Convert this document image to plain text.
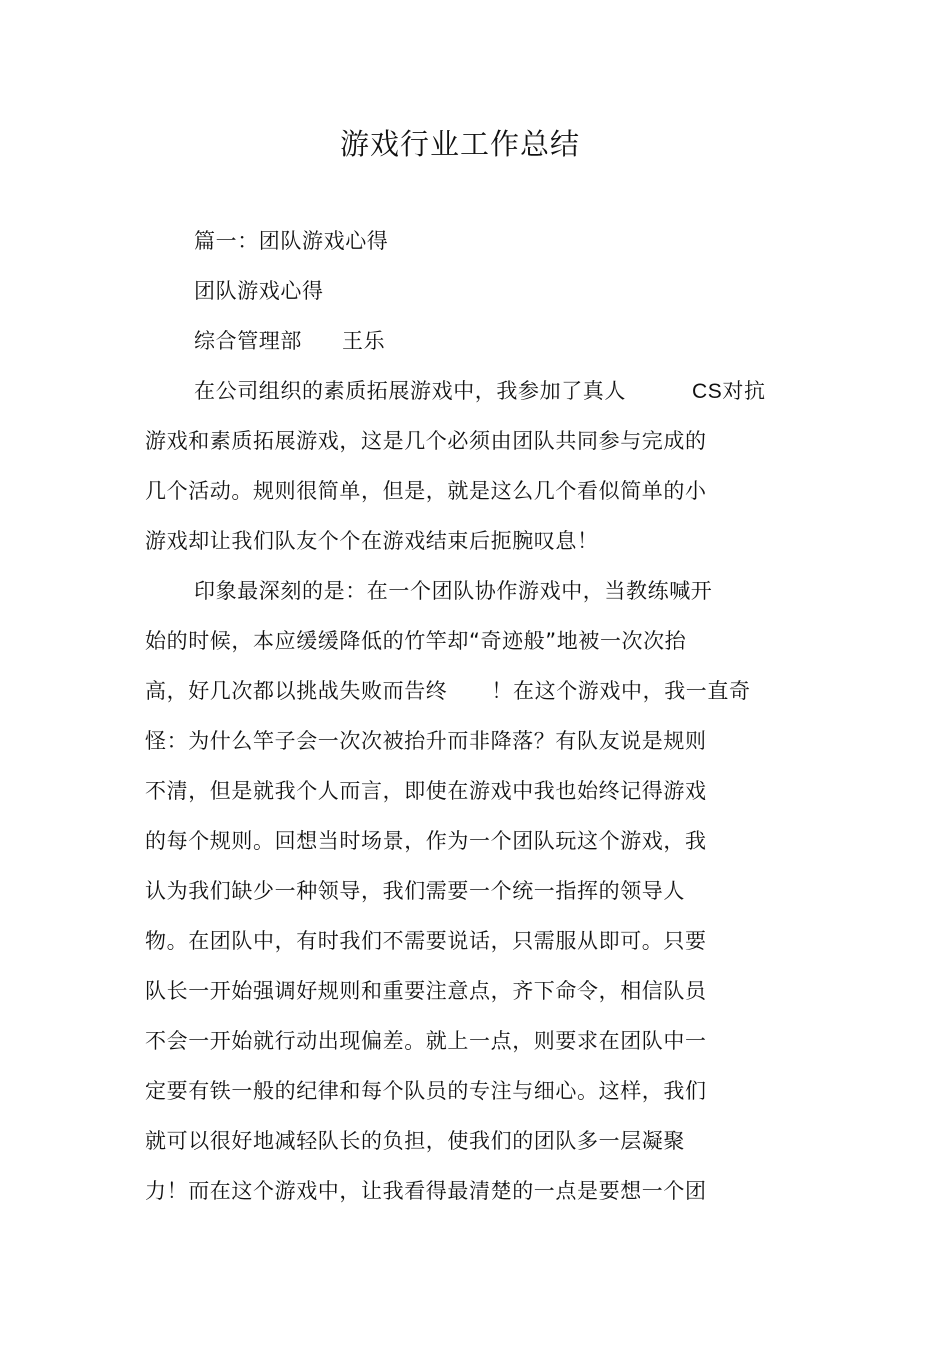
游戏行业工作总结
篇一：团队游戏心得
团队游戏心得
综合管理部 王乐
在公司组织的素质拓展游戏中，我参加了真人	CS对抗
游戏和素质拓展游戏，这是几个必须由团队共同参与完成的
几个活动。规则很简单，但是，就是这么几个看似简单的小
游戏却让我们队友个个在游戏结束后扼腕叹息！
印象最深刻的是：在一个团队协作游戏中，当教练喊开
始的时候，本应缓缓降低的竹竿却“奇迹般”地被一次次抬
高，好几次都以挑战失败而告终 ！在这个游戏中，我一直奇
怪：为什么竿子会一次次被抬升而非降落？有队友说是规则
不清，但是就我个人而言，即使在游戏中我也始终记得游戏
的每个规则。回想当时场景，作为一个团队玩这个游戏，我
认为我们缺少一种领导，我们需要一个统一指挥的领导人
物。在团队中，有时我们不需要说话，只需服从即可。只要
队长一开始强调好规则和重要注意点，齐下命令，相信队员
不会一开始就行动出现偏差。就上一点，则要求在团队中一
定要有铁一般的纪律和每个队员的专注与细心。这样，我们
就可以很好地减轻队长的负担，使我们的团队多一层凝聚
力！而在这个游戏中，让我看得最清楚的一点是要想一个团
